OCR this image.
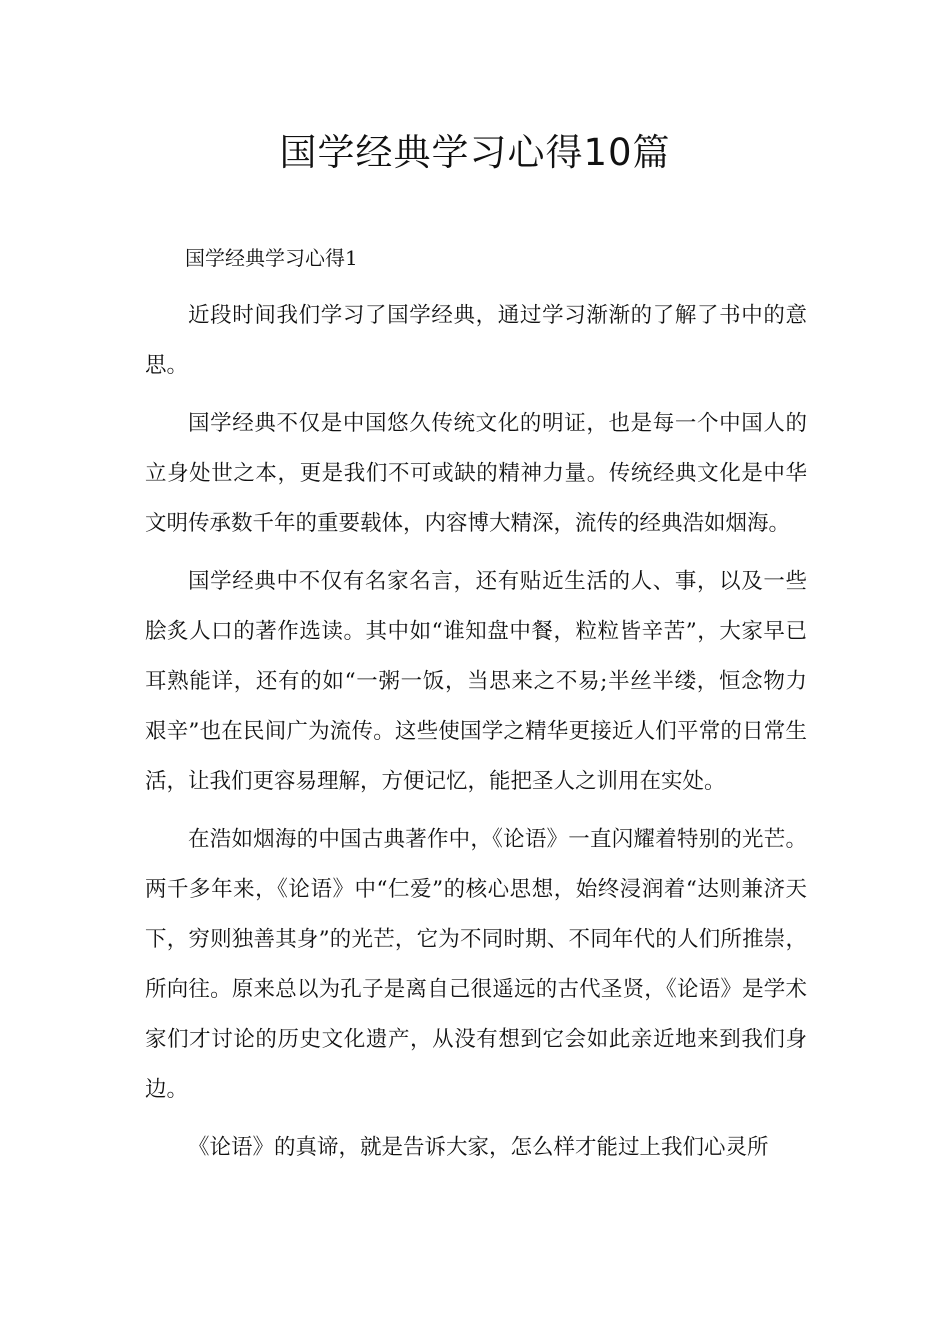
国学经典学习心得10篇
国学经典学习心得1

近段时间我们学习了国学经典，通过学习渐渐的了解了书中的意思。

国学经典不仅是中国悠久传统文化的明证，也是每一个中国人的立身处世之本，更是我们不可或缺的精神力量。传统经典文化是中华文明传承数千年的重要载体，内容博大精深，流传的经典浩如烟海。

国学经典中不仅有名家名言，还有贴近生活的人、事，以及一些脍炙人口的著作选读。其中如“谁知盘中餐，粒粒皆辛苦”，大家早已耳熟能详，还有的如“一粥一饭，当思来之不易;半丝半缕，恒念物力艰辛”也在民间广为流传。这些使国学之精华更接近人们平常的日常生活，让我们更容易理解，方便记忆，能把圣人之训用在实处。

在浩如烟海的中国古典著作中，《论语》一直闪耀着特别的光芒。两千多年来，《论语》中“仁爱”的核心思想，始终浸润着“达则兼济天下，穷则独善其身”的光芒，它为不同时期、不同年代的人们所推崇，所向往。原来总以为孔子是离自己很遥远的古代圣贤，《论语》是学术家们才讨论的历史文化遗产，从没有想到它会如此亲近地来到我们身边。

《论语》的真谛，就是告诉大家，怎么样才能过上我们心灵所
